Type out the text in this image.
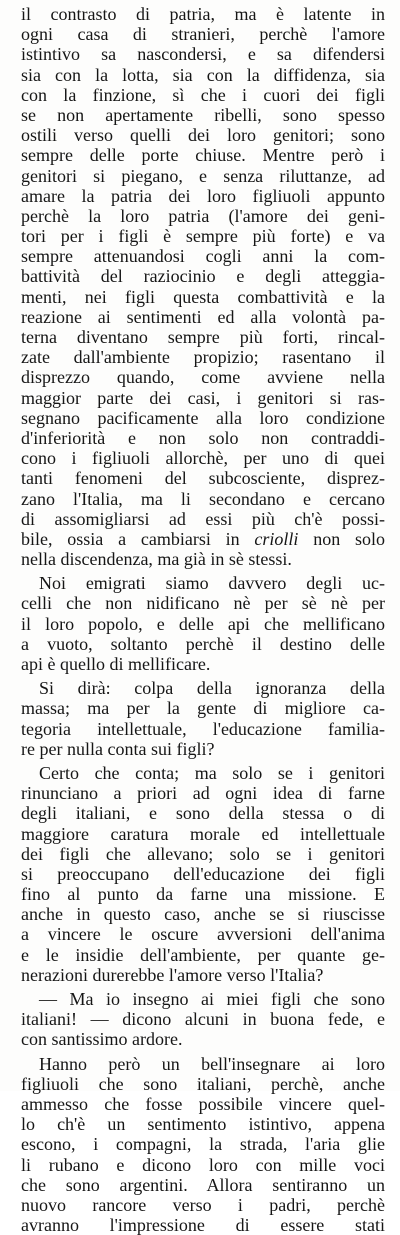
il contrasto di patria, ma è latente in
ogni casa di stranieri, perchè l'amore
istintivo sa nascondersi, e sa difendersi
sia con la lotta, sia con la diffidenza, sia
con la finzione, sì che i cuori dei figli
se non apertamente ribelli, sono spesso
ostili verso quelli dei loro genitori; sono
sempre delle porte chiuse. Mentre però i
genitori si piegano, e senza riluttanze, ad
amare la patria dei loro figliuoli appunto
perchè la loro patria (l'amore dei geni-
tori per i figli è sempre più forte) e va
sempre attenuandosi cogli anni la com-
battività del raziocinio e degli atteggia-
menti, nei figli questa combattività e la
reazione ai sentimenti ed alla volontà pa-
terna diventano sempre più forti, rincal-
zate dall'ambiente propizio; rasentano il
disprezzo quando, come avviene nella
maggior parte dei casi, i genitori si ras-
segnano pacificamente alla loro condizione
d'inferiorità e non solo non contraddi-
cono i figliuoli allorchè, per uno di quei
tanti fenomeni del subcosciente, disprez-
zano l'Italia, ma li secondano e cercano
di assomigliarsi ad essi più ch'è possi-
bile, ossia a cambiarsi in criolli non solo
nella discendenza, ma già in sè stessi.
Noi emigrati siamo davvero degli uc-
celli che non nidificano nè per sè nè per
il loro popolo, e delle api che mellificano
a vuoto, soltanto perchè il destino delle
api è quello di mellificare.
Si dirà: colpa della ignoranza della
massa; ma per la gente di migliore ca-
tegoria intellettuale, l'educazione familia-
re per nulla conta sui figli?
Certo che conta; ma solo se i genitori
rinunciano a priori ad ogni idea di farne
degli italiani, e sono della stessa o di
maggiore caratura morale ed intellettuale
dei figli che allevano; solo se i genitori
si preoccupano dell'educazione dei figli
fino al punto da farne una missione. E
anche in questo caso, anche se si riuscisse
a vincere le oscure avversioni dell'anima
e le insidie dell'ambiente, per quante ge-
nerazioni durerebbe l'amore verso l'Italia?
— Ma io insegno ai miei figli che sono
italiani! — dicono alcuni in buona fede, e
con santissimo ardore.
Hanno però un bell'insegnare ai loro
figliuoli che sono italiani, perchè, anche
ammesso che fosse possibile vincere quel-
lo ch'è un sentimento istintivo, appena
escono, i compagni, la strada, l'aria glie
li rubano e dicono loro con mille voci
che sono argentini. Allora sentiranno un
nuovo rancore verso i padri, perchè
avranno l'impressione di essere stati
